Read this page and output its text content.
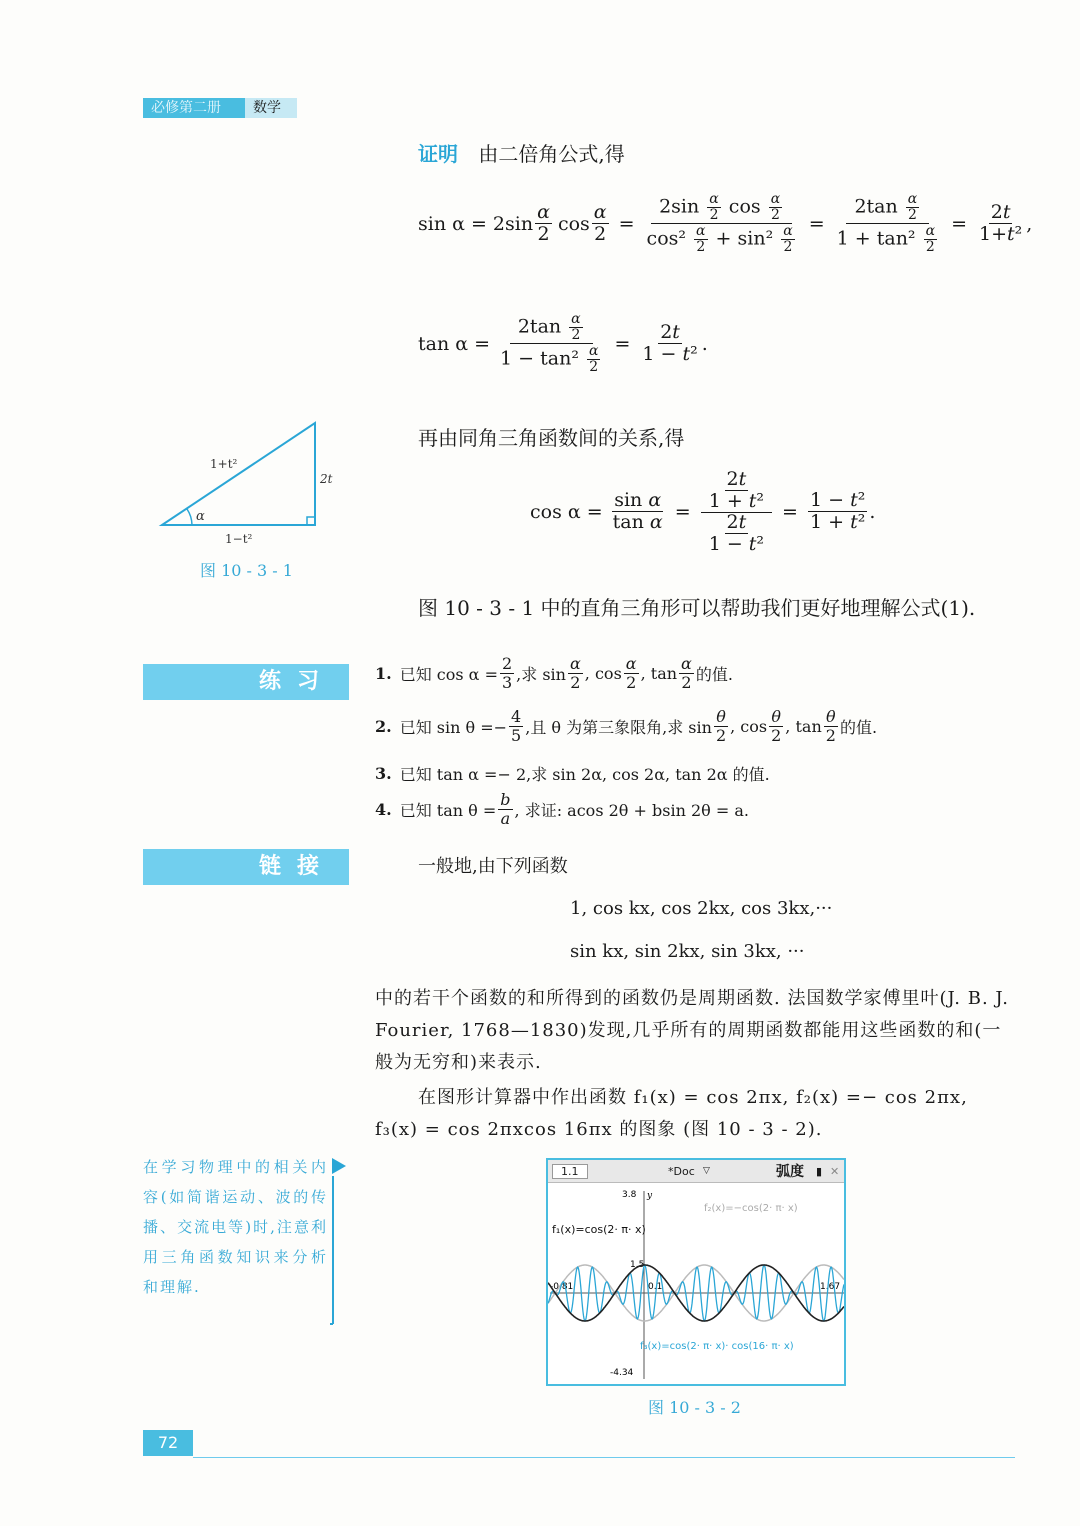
必修第二册	数学
证明 由二倍角公式,得
$\sin \alpha = 2\sin \frac{\alpha}{2}$ $\cos \frac{\alpha}{2} = \frac{2\sin \frac{\alpha}{2} \cos \frac{\alpha}{2}}{\cos^2 \frac{\alpha}{2} + \sin^2 \frac{\alpha}{2}} = \frac{2\tan \frac{\alpha}{2}}{1 + \tan^2 \frac{\alpha}{2}} = \frac{2t}{\text{1+t²}}$ ,
$\tan \alpha = \frac{2\tan \frac{\alpha}{2}}{1 - \tan^2 \frac{\alpha}{2}} = \frac{2t}{\text{1 − t²}}$ .
再由同角三角函数间的关系,得
$\cos \alpha = \frac{\text{sin α}}{\text{tan α}} = \frac{\frac{2t}{\text{1 + t²}}}{\frac{2t}{\text{1 − t²}}} = \frac{\text{1 − t²}}{\text{1 + t²}}$ .
1+t²
2t
α
1−t²
图 10 - 3 - 1
图 10 - 3 - 1 中的直角三角形可以帮助我们更好地理解公式(1).
练习	1. 已知 $\cos \alpha = \frac{2}{3}$ ,求 $\sin \frac{\alpha}{2}$ , $\cos \frac{\alpha}{2}$ , $\tan \frac{\alpha}{2}$ 的值.
2. 已知 $\sin \theta =- \frac{4}{5}$ ,且 θ 为第三象限角,求 $\sin \frac{\theta}{2}$ , $\cos \frac{\theta}{2}$ , $\tan \frac{\theta}{2}$ 的值.
3. 已知 tan α =− 2,求 sin 2α, cos 2α, tan 2α 的值.
4. 已知 $\tan \theta = \frac{b}{a}$ , 求证: acos 2θ + bsin 2θ = a.
链接	一般地,由下列函数
1, cos kx, cos 2kx, cos 3kx,···
sin kx, sin 2kx, sin 3kx, ···
中的若干个函数的和所得到的函数仍是周期函数. 法国数学家傅里叶(J. B. J. Fourier, 1768—1830)发现,几乎所有的周期函数都能用这些函数的和(一般为无穷和)来表示.
在图形计算器中作出函数 f₁(x) = cos 2πx, f₂(x) =− cos 2πx,
f₃(x) = cos 2πxcos 16πx 的图象 (图 10 - 3 - 2).
在学习物理中的相关内容(如简谐运动、波的传播、交流电等)时,注意利用三角函数知识来分析和理解.
1.1	*Doc ▽	弧度 ▮ ✕
3.8 y
-4.34
-0.81	1.67
1.5
0.1
f₁(x)=cos(2· π· x)
f₂(x)=−cos(2· π· x)
f₃(x)=cos(2· π· x)· cos(16· π· x)
图 10 - 3 - 2
72
